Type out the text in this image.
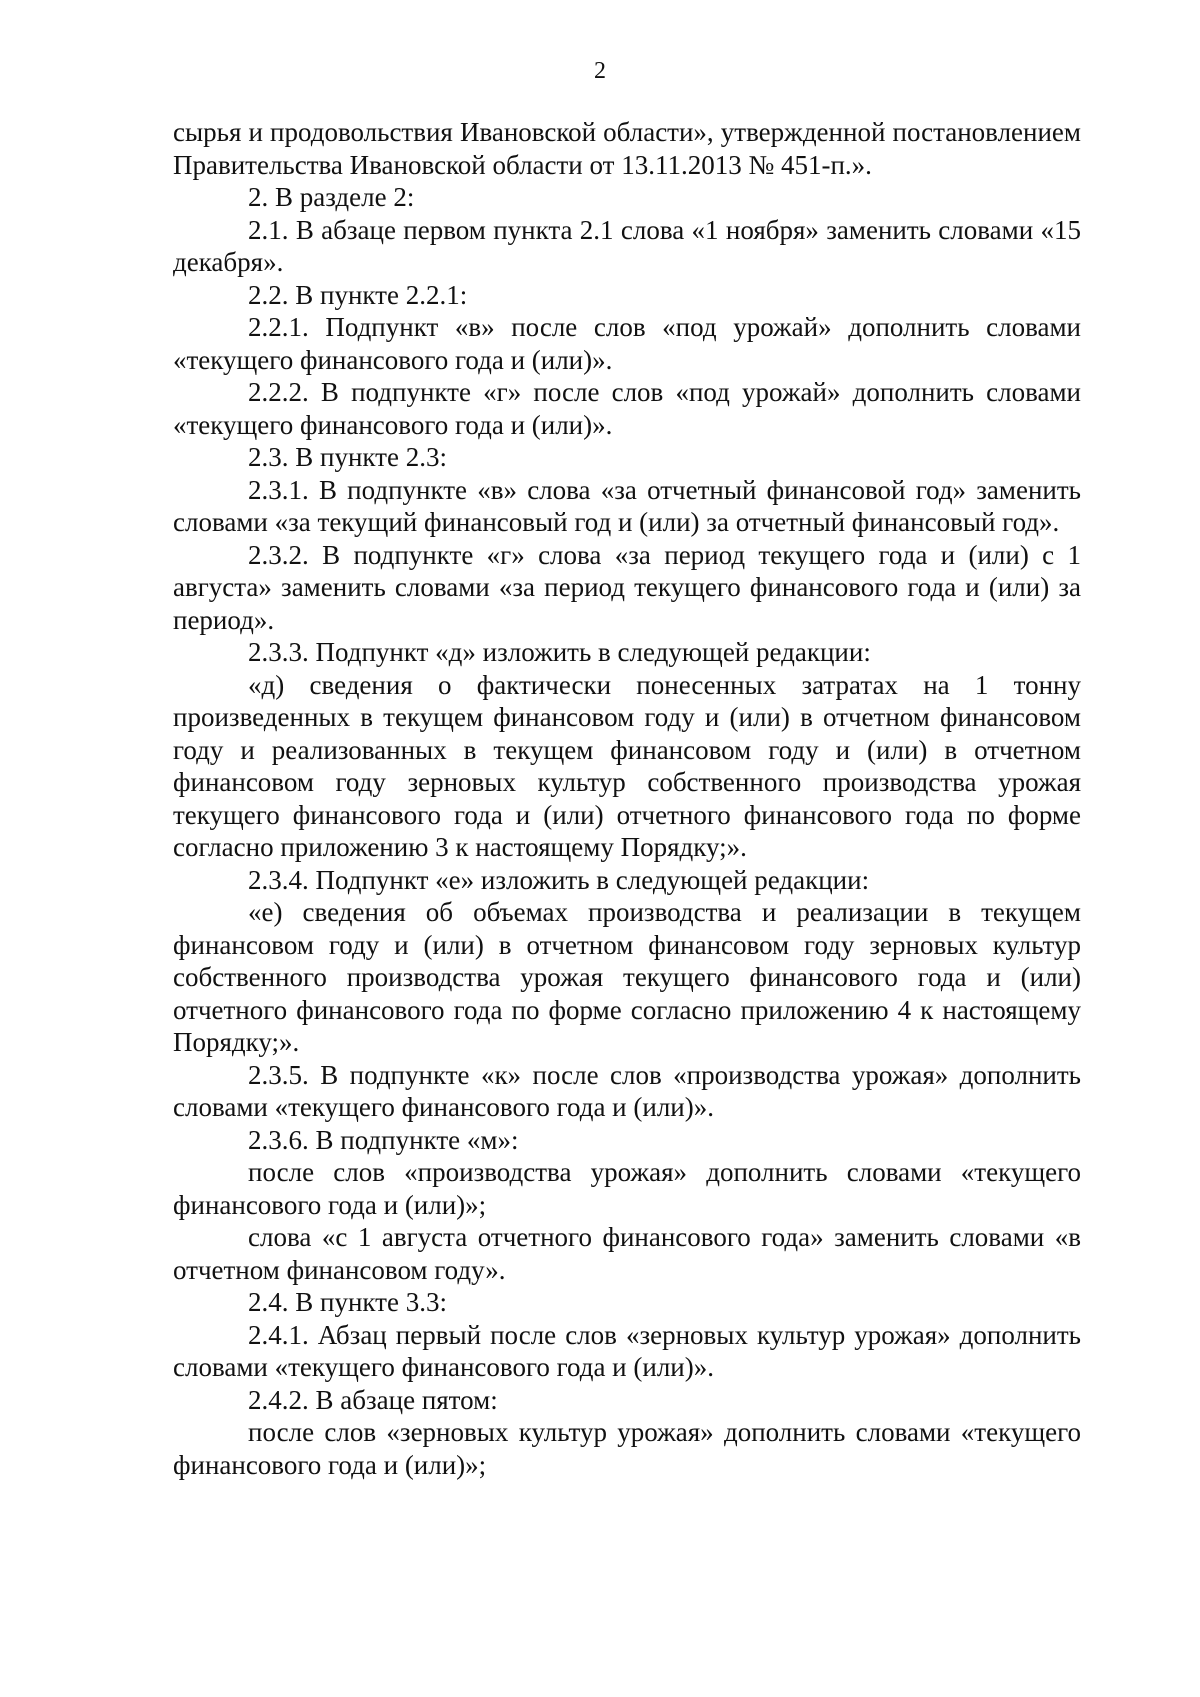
2

сырья и продовольствия Ивановской области», утвержденной постановлением Правительства Ивановской области от 13.11.2013 № 451-п.».

2. В разделе 2:

2.1. В абзаце первом пункта 2.1 слова «1 ноября» заменить словами «15 декабря».

2.2. В пункте 2.2.1:

2.2.1. Подпункт «в» после слов «под урожай» дополнить словами «текущего финансового года и (или)».

2.2.2. В подпункте «г» после слов «под урожай» дополнить словами «текущего финансового года и (или)».

2.3. В пункте 2.3:

2.3.1. В подпункте «в» слова «за отчетный финансовой год» заменить словами «за текущий финансовый год и (или) за отчетный финансовый год».

2.3.2. В подпункте «г» слова «за период текущего года и (или) с 1 августа» заменить словами «за период текущего финансового года и (или) за период».

2.3.3. Подпункт «д» изложить в следующей редакции:

«д) сведения о фактически понесенных затратах на 1 тонну произведенных в текущем финансовом году и (или) в отчетном финансовом году и реализованных в текущем финансовом году и (или) в отчетном финансовом году зерновых культур собственного производства урожая текущего финансового года и (или) отчетного финансового года по форме согласно приложению 3 к настоящему Порядку;».

2.3.4. Подпункт «е» изложить в следующей редакции:

«е) сведения об объемах производства и реализации в текущем финансовом году и (или) в отчетном финансовом году зерновых культур собственного производства урожая текущего финансового года и (или) отчетного финансового года по форме согласно приложению 4 к настоящему Порядку;».

2.3.5. В подпункте «к» после слов «производства урожая» дополнить словами «текущего финансового года и (или)».

2.3.6. В подпункте «м»:

после слов «производства урожая» дополнить словами «текущего финансового года и (или)»;

слова «с 1 августа отчетного финансового года» заменить словами «в отчетном финансовом году».

2.4. В пункте 3.3:

2.4.1. Абзац первый после слов «зерновых культур урожая» дополнить словами «текущего финансового года и (или)».

2.4.2. В абзаце пятом:

после слов «зерновых культур урожая» дополнить словами «текущего финансового года и (или)»;
